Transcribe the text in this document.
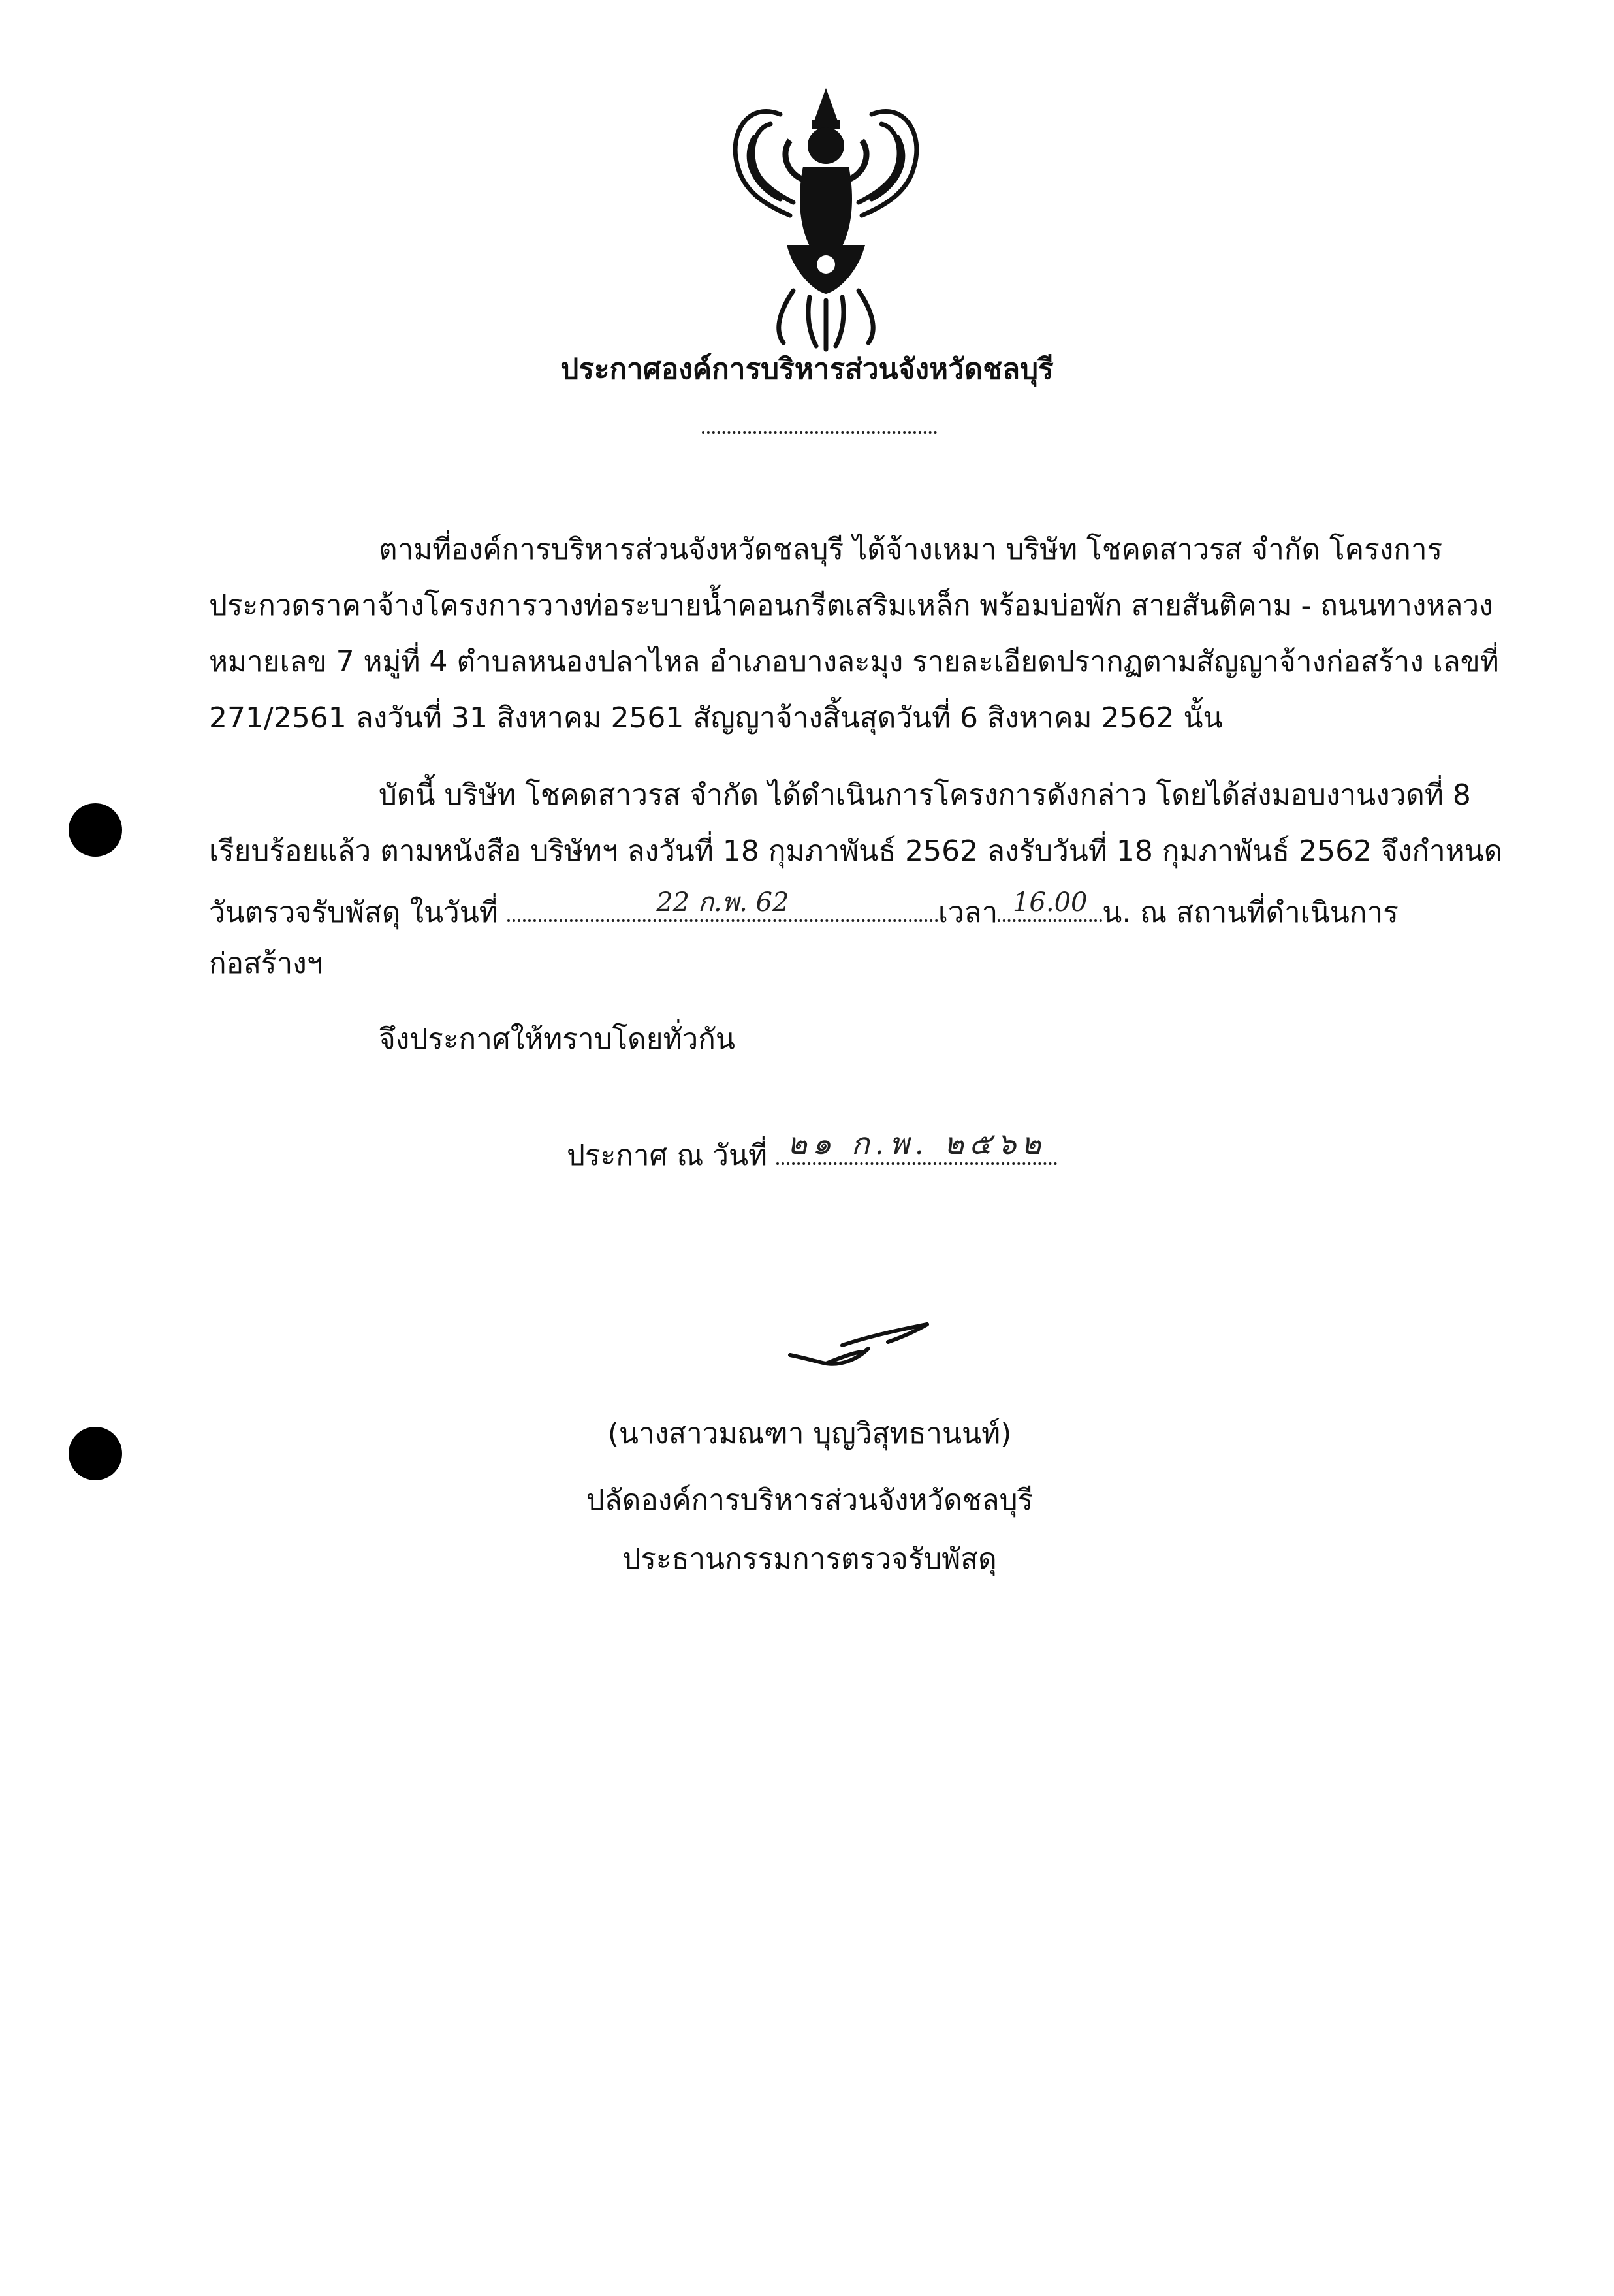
ประกาศองค์การบริหารส่วนจังหวัดชลบุรี
ตามที่องค์การบริหารส่วนจังหวัดชลบุรี ได้จ้างเหมา บริษัท โชคดสาวรส จำกัด โครงการ
ประกวดราคาจ้างโครงการวางท่อระบายน้ำคอนกรีตเสริมเหล็ก พร้อมบ่อพัก สายสันติคาม - ถนนทางหลวง
หมายเลข 7 หมู่ที่ 4 ตำบลหนองปลาไหล อำเภอบางละมุง รายละเอียดปรากฏตามสัญญาจ้างก่อสร้าง เลขที่
271/2561 ลงวันที่ 31 สิงหาคม 2561 สัญญาจ้างสิ้นสุดวันที่ 6 สิงหาคม 2562 นั้น
บัดนี้ บริษัท โชคดสาวรส จำกัด ได้ดำเนินการโครงการดังกล่าว โดยได้ส่งมอบงานงวดที่ 8
เรียบร้อยแล้ว ตามหนังสือ บริษัทฯ ลงวันที่ 18 กุมภาพันธ์ 2562 ลงรับวันที่ 18 กุมภาพันธ์ 2562 จึงกำหนด
วันตรวจรับพัสดุ ในวันที่	22 ก.พ. 62	เวลา 16.00 น. ณ สถานที่ดำเนินการ
ก่อสร้างฯ
จึงประกาศให้ทราบโดยทั่วกัน
ประกาศ ณ วันที่ ๒๑ ก.พ. ๒๕๖๒
(นางสาวมณฑา บุญวิสุทธานนท์)
ปลัดองค์การบริหารส่วนจังหวัดชลบุรี
ประธานกรรมการตรวจรับพัสดุ
